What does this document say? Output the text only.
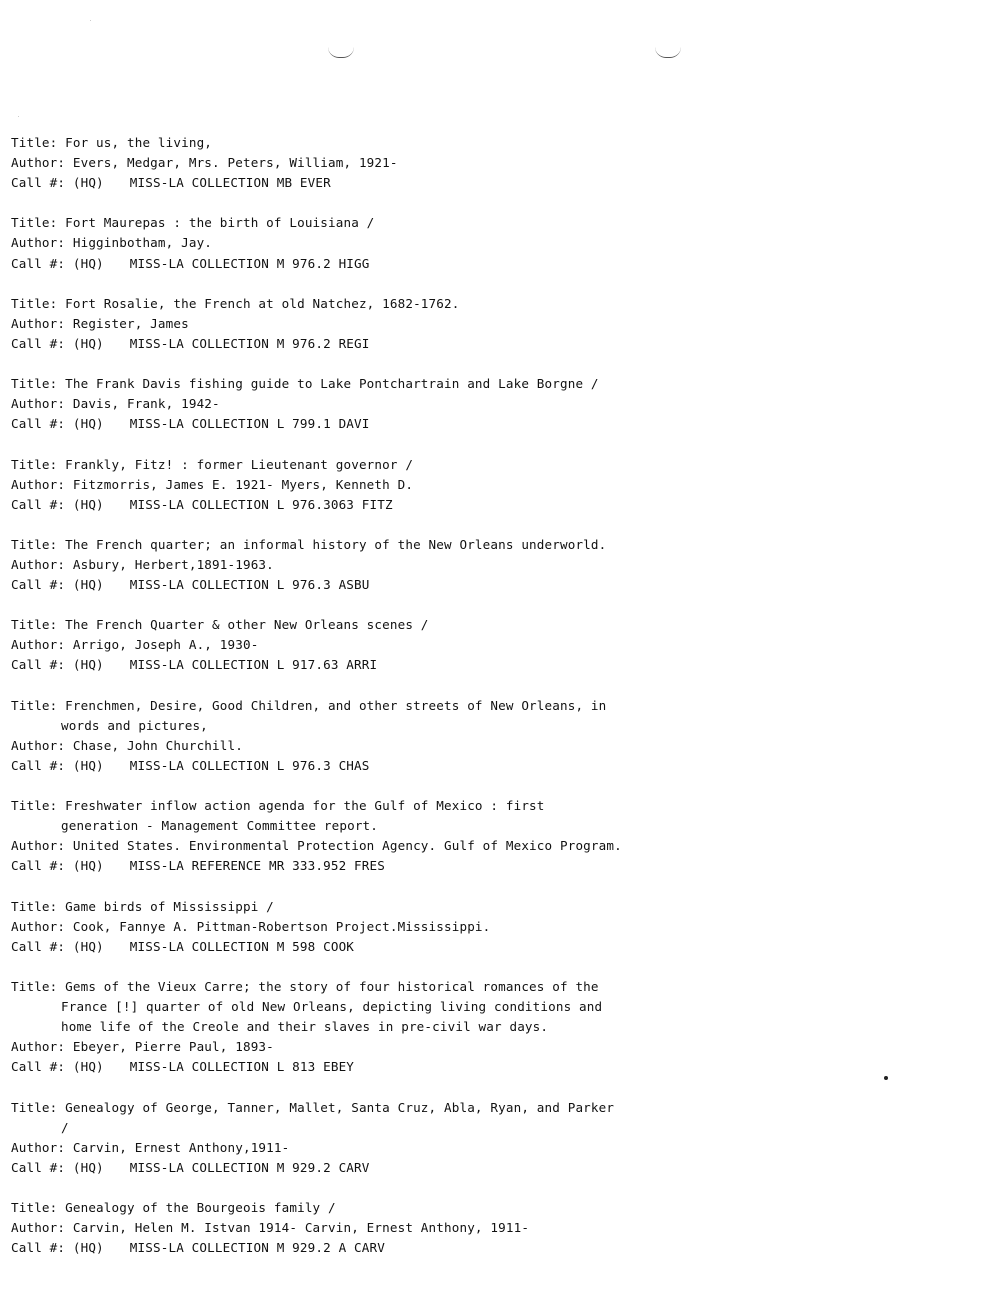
Title: For us, the living,
Author: Evers, Medgar, Mrs. Peters, William, 1921-
Call #: (HQ) MISS-LA COLLECTION MB EVER
Title: Fort Maurepas : the birth of Louisiana /
Author: Higginbotham, Jay.
Call #: (HQ) MISS-LA COLLECTION M 976.2 HIGG
Title: Fort Rosalie, the French at old Natchez, 1682-1762.
Author: Register, James
Call #: (HQ) MISS-LA COLLECTION M 976.2 REGI
Title: The Frank Davis fishing guide to Lake Pontchartrain and Lake Borgne /
Author: Davis, Frank, 1942-
Call #: (HQ) MISS-LA COLLECTION L 799.1 DAVI
Title: Frankly, Fitz! : former Lieutenant governor /
Author: Fitzmorris, James E. 1921- Myers, Kenneth D.
Call #: (HQ) MISS-LA COLLECTION L 976.3063 FITZ
Title: The French quarter; an informal history of the New Orleans underworld.
Author: Asbury, Herbert,1891-1963.
Call #: (HQ) MISS-LA COLLECTION L 976.3 ASBU
Title: The French Quarter & other New Orleans scenes /
Author: Arrigo, Joseph A., 1930-
Call #: (HQ) MISS-LA COLLECTION L 917.63 ARRI
Title: Frenchmen, Desire, Good Children, and other streets of New Orleans, in
words and pictures,
Author: Chase, John Churchill.
Call #: (HQ) MISS-LA COLLECTION L 976.3 CHAS
Title: Freshwater inflow action agenda for the Gulf of Mexico : first
generation - Management Committee report.
Author: United States. Environmental Protection Agency. Gulf of Mexico Program.
Call #: (HQ) MISS-LA REFERENCE MR 333.952 FRES
Title: Game birds of Mississippi /
Author: Cook, Fannye A. Pittman-Robertson Project.Mississippi.
Call #: (HQ) MISS-LA COLLECTION M 598 COOK
Title: Gems of the Vieux Carre; the story of four historical romances of the
France [!] quarter of old New Orleans, depicting living conditions and
home life of the Creole and their slaves in pre-civil war days.
Author: Ebeyer, Pierre Paul, 1893-
Call #: (HQ) MISS-LA COLLECTION L 813 EBEY
Title: Genealogy of George, Tanner, Mallet, Santa Cruz, Abla, Ryan, and Parker
/
Author: Carvin, Ernest Anthony,1911-
Call #: (HQ) MISS-LA COLLECTION M 929.2 CARV
Title: Genealogy of the Bourgeois family /
Author: Carvin, Helen M. Istvan 1914- Carvin, Ernest Anthony, 1911-
Call #: (HQ) MISS-LA COLLECTION M 929.2 A CARV
